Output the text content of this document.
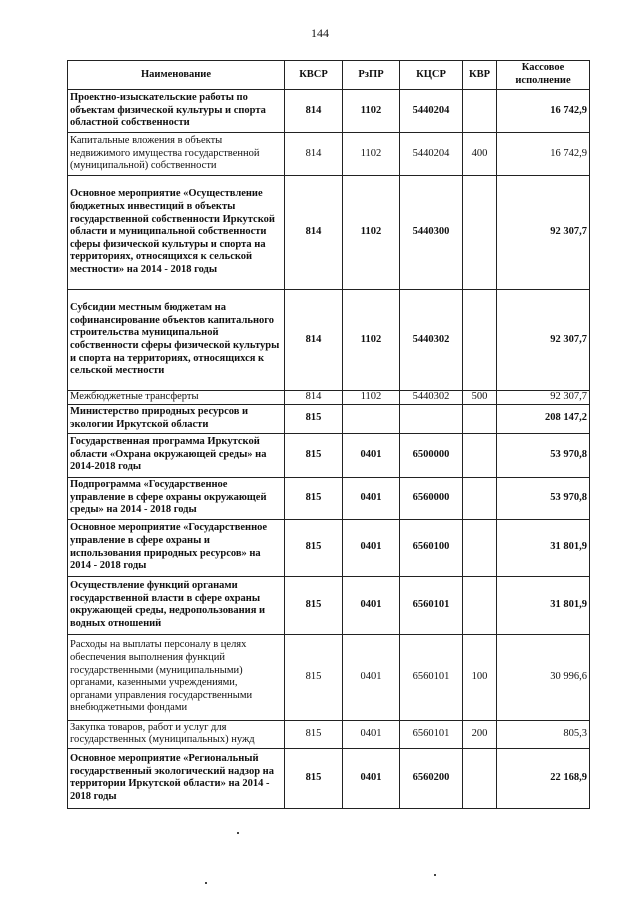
144
Наименование	КВСР	РзПР	КЦСР	КВР	Кассовое исполнение
Проектно-изыскательские работы по объектам физической культуры и спорта областной собственности	814	1102	5440204		16 742,9
Капитальные вложения в объекты недвижимого имущества государственной (муниципальной) собственности	814	1102	5440204	400	16 742,9
Основное мероприятие «Осуществление бюджетных инвестиций в объекты государственной собственности Иркутской области и муниципальной собственности сферы физической культуры и спорта на территориях, относящихся к сельской местности» на 2014 - 2018 годы	814	1102	5440300		92 307,7
Субсидии местным бюджетам на софинансирование объектов капитального строительства муниципальной собственности сферы физической культуры и спорта на территориях, относящихся к сельской местности	814	1102	5440302		92 307,7
Межбюджетные трансферты	814	1102	5440302	500	92 307,7
Министерство природных ресурсов и экологии Иркутской области	815				208 147,2
Государственная программа Иркутской области «Охрана окружающей среды» на 2014-2018 годы	815	0401	6500000		53 970,8
Подпрограмма «Государственное управление в сфере охраны окружающей среды» на 2014 - 2018 годы	815	0401	6560000		53 970,8
Основное мероприятие «Государственное управление в сфере охраны и использования природных ресурсов» на 2014 - 2018 годы	815	0401	6560100		31 801,9
Осуществление функций органами государственной власти в сфере охраны окружающей среды, недропользования и водных отношений	815	0401	6560101		31 801,9
Расходы на выплаты персоналу в целях обеспечения выполнения функций государственными (муниципальными) органами, казенными учреждениями, органами управления государственными внебюджетными фондами	815	0401	6560101	100	30 996,6
Закупка товаров, работ и услуг для государственных (муниципальных) нужд	815	0401	6560101	200	805,3
Основное мероприятие «Региональный государственный экологический надзор на территории Иркутской области» на 2014 - 2018 годы	815	0401	6560200		22 168,9
